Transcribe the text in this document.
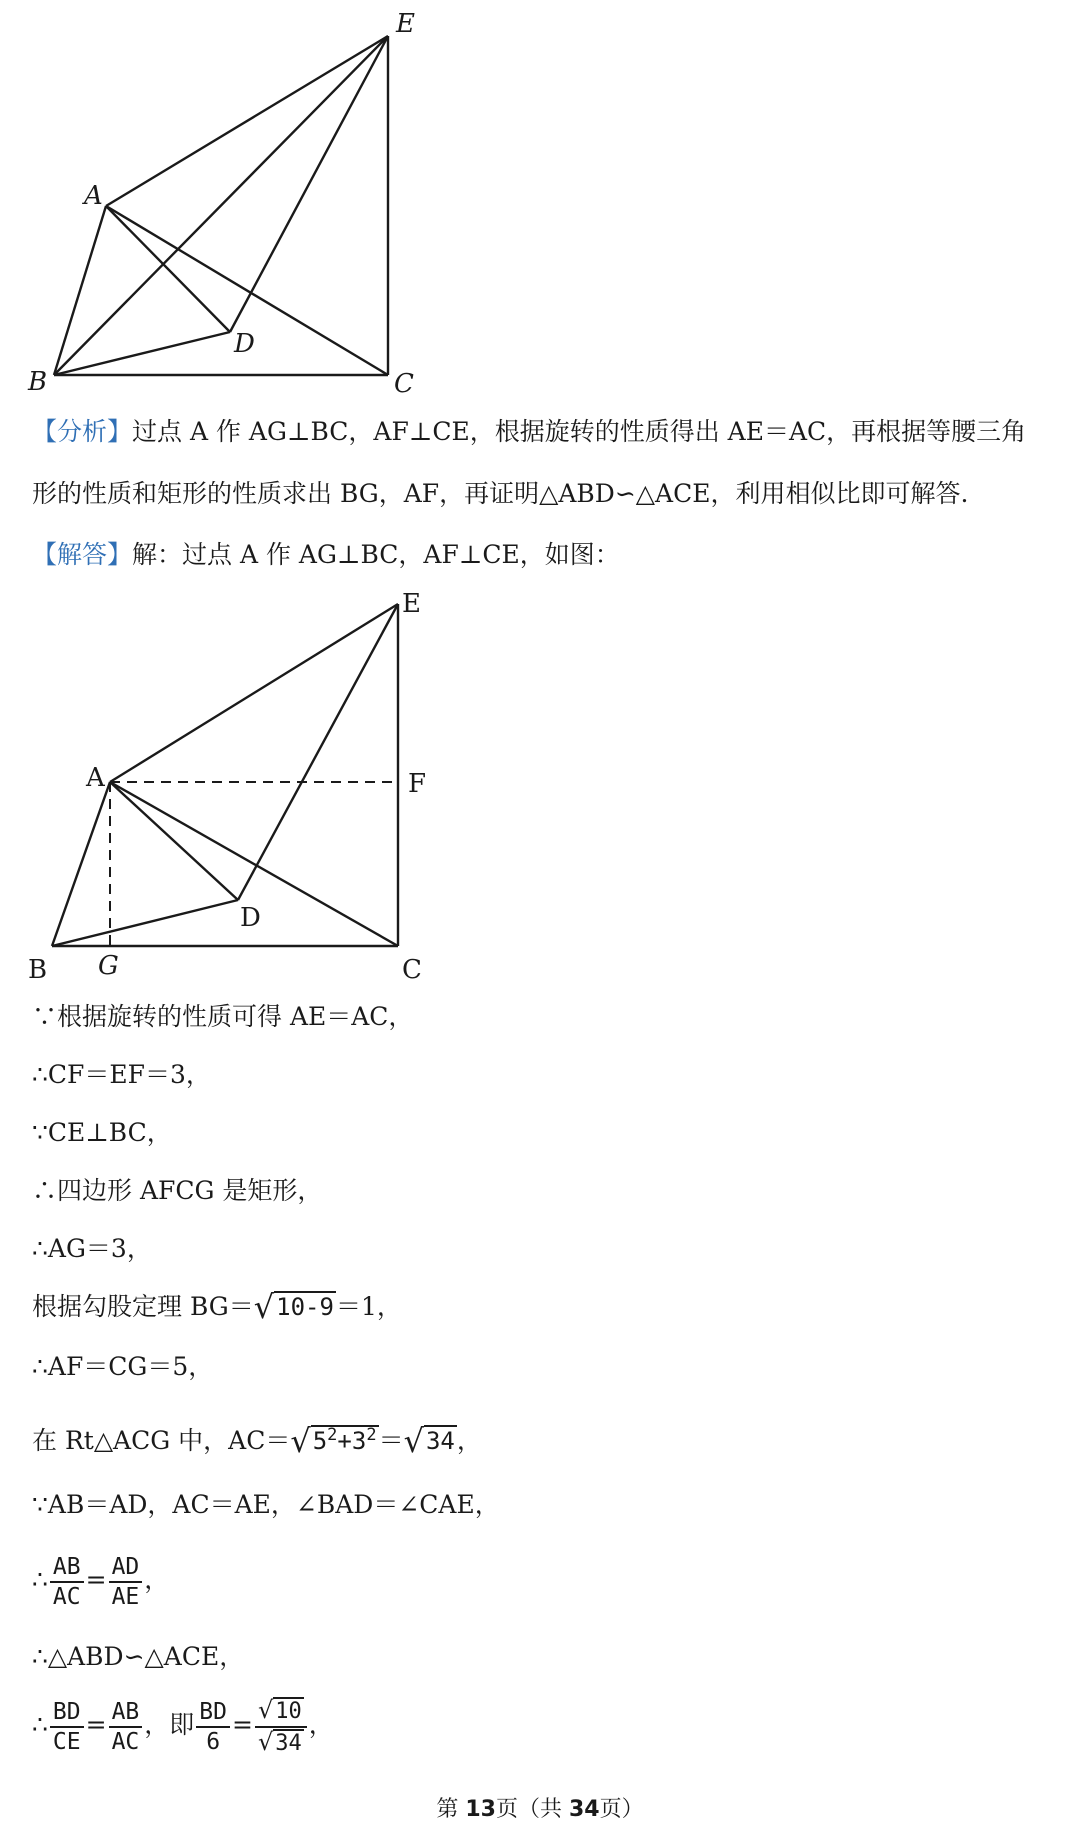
E
A
D
B	C
【分析】过点 A 作 AG⊥BC，AF⊥CE，根据旋转的性质得出 AE＝AC，再根据等腰三角
形的性质和矩形的性质求出 BG，AF，再证明△ABD∽△ACE，利用相似比即可解答.
【解答】解：过点 A 作 AG⊥BC，AF⊥CE，如图：
E
A	F
D
B G	C
∵根据旋转的性质可得 AE＝AC，
∴CF＝EF＝3，
∵CE⊥BC，
∴四边形 AFCG 是矩形，
∴AG＝3，
根据勾股定理 BG＝√10-9＝1，
∴AF＝CG＝5，
在 Rt△ACG 中，$AC=√5^2+3^2=√34$，
∵AB＝AD，AC＝AE，∠BAD＝∠CAE，
∴ $\frac{AB}{AC} = \frac{AD}{AE}$ ，
∴△ABD∽△ACE，
∴ $\frac{BD}{CE} = \frac{AB}{AC}$ ，即 $\frac{BD}{6} = \frac{√10}{√34}$ ，
第 13页（共 34页）
